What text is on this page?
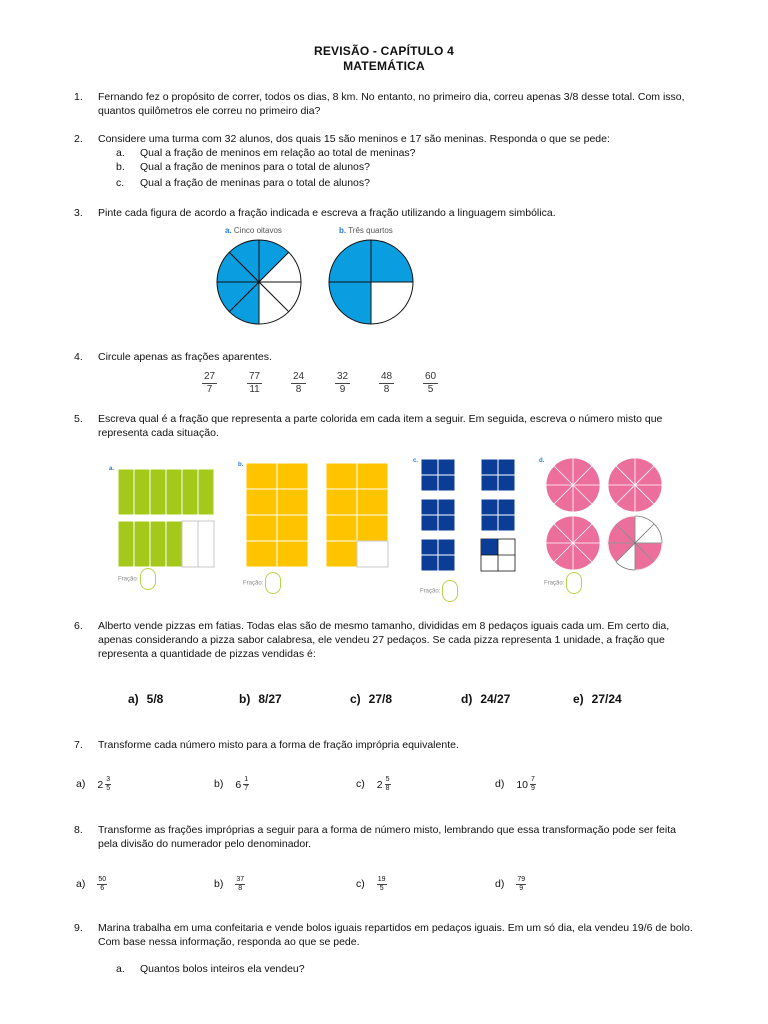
REVISÃO - CAPÍTULO 4
MATEMÁTICA
1.	Fernando fez o propósito de correr, todos os dias, 8 km. No entanto, no primeiro dia, correu apenas 3/8 desse total. Com isso, quantos quilômetros ele correu no primeiro dia?
2.	Considere uma turma com 32 alunos, dos quais 15 são meninos e 17 são meninas. Responda o que se pede:
a.	Qual a fração de meninos em relação ao total de meninas?
b.	Qual a fração de meninos para o total de alunos?
c.	Qual a fração de meninas para o total de alunos?
3.	Pinte cada figura de acordo a fração indicada e escreva a fração utilizando a linguagem simbólica.
a. Cinco oitavos	b. Três quartos
4.	Circule apenas as frações aparentes.
$\frac{27}{7}$	$\frac{77}{11}$	$\frac{24}{8}$	$\frac{32}{9}$	$\frac{48}{8}$	$\frac{60}{5}$
5.	Escreva qual é a fração que representa a parte colorida em cada item a seguir. Em seguida, escreva o número misto que representa cada situação.
a.
b.
c.	d.
Fração:
Fração:
Fração:
Fração:
6.	Alberto vende pizzas em fatias. Todas elas são de mesmo tamanho, divididas em 8 pedaços iguais cada um. Em certo dia, apenas considerando a pizza sabor calabresa, ele vendeu 27 pedaços. Se cada pizza representa 1 unidade, a fração que representa a quantidade de pizzas vendidas é:
a) 5/8	b) 8/27	c) 27/8	d) 24/27	e) 27/24
7.	Transforme cada número misto para a forma de fração imprópria equivalente.
a) $2 \frac{3}{5}$	b) $6 \frac{1}{7}$	c) $2 \frac{5}{8}$	d) $10 \frac{7}{9}$
8.	Transforme as frações impróprias a seguir para a forma de número misto, lembrando que essa transformação pode ser feita pela divisão do numerador pelo denominador.
$a) \frac{50}{6}$	$b) \frac{37}{8}$	$c) \frac{19}{5}$	$d) \frac{79}{9}$
9.	Marina trabalha em uma confeitaria e vende bolos iguais repartidos em pedaços iguais. Em um só dia, ela vendeu 19/6 de bolo. Com base nessa informação, responda ao que se pede.
a.	Quantos bolos inteiros ela vendeu?
